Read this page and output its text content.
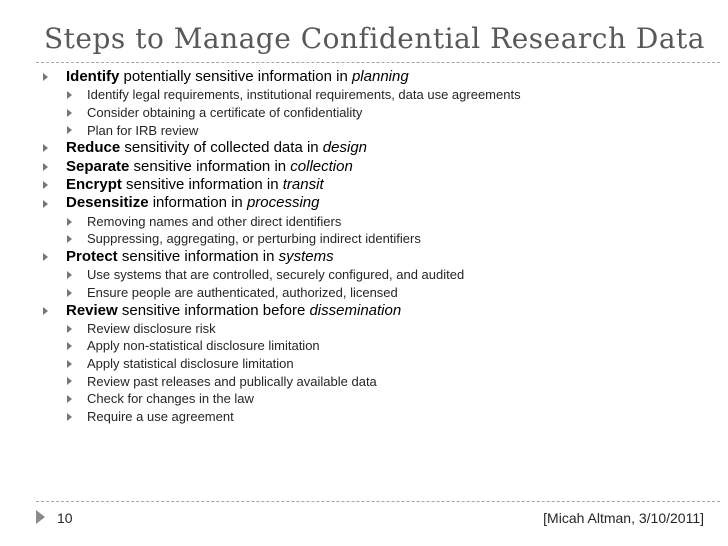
Steps to Manage Confidential Research Data
Identify potentially sensitive information in planning
Identify legal requirements, institutional requirements, data use agreements
Consider obtaining a certificate of confidentiality
Plan for IRB review
Reduce sensitivity of collected data in design
Separate sensitive information in collection
Encrypt sensitive information in transit
Desensitize information in processing
Removing names and other direct identifiers
Suppressing, aggregating, or perturbing indirect identifiers
Protect sensitive information in systems
Use systems that are controlled, securely configured, and audited
Ensure people are authenticated, authorized, licensed
Review sensitive information before dissemination
Review disclosure risk
Apply non-statistical disclosure limitation
Apply statistical disclosure limitation
Review past releases and publically available data
Check for changes in the law
Require a use agreement
10	[Micah Altman, 3/10/2011]
